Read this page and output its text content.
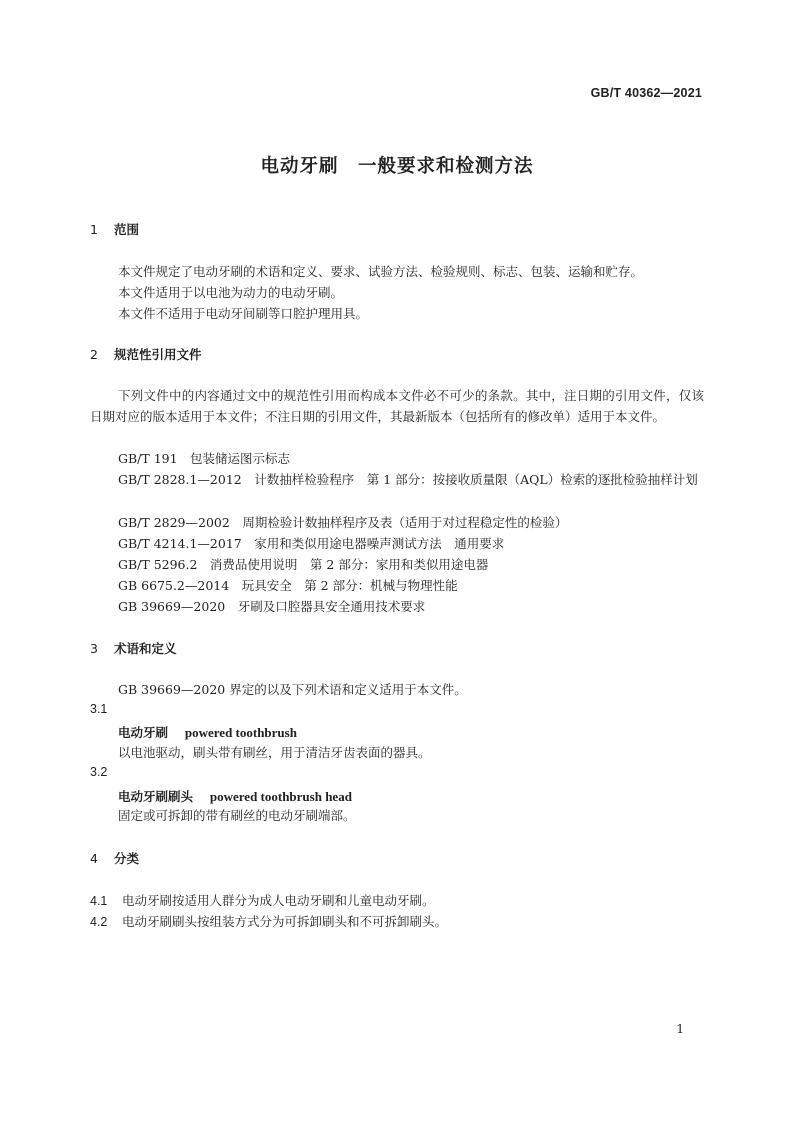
GB/T 40362—2021
电动牙刷　一般要求和检测方法
1 范围
本文件规定了电动牙刷的术语和定义、要求、试验方法、检验规则、标志、包装、运输和贮存。
本文件适用于以电池为动力的电动牙刷。
本文件不适用于电动牙间刷等口腔护理用具。
2 规范性引用文件
下列文件中的内容通过文中的规范性引用而构成本文件必不可少的条款。其中，注日期的引用文件，仅该日期对应的版本适用于本文件；不注日期的引用文件，其最新版本（包括所有的修改单）适用于本文件。
GB/T 191　包装储运图示标志
GB/T 2828.1—2012　计数抽样检验程序　第 1 部分：按接收质量限（AQL）检索的逐批检验抽样计划
GB/T 2829—2002　周期检验计数抽样程序及表（适用于对过程稳定性的检验）
GB/T 4214.1—2017　家用和类似用途电器噪声测试方法　通用要求
GB/T 5296.2　消费品使用说明　第 2 部分：家用和类似用途电器
GB 6675.2—2014　玩具安全　第 2 部分：机械与物理性能
GB 39669—2020　牙刷及口腔器具安全通用技术要求
3 术语和定义
GB 39669—2020 界定的以及下列术语和定义适用于本文件。
3.1
电动牙刷　 powered toothbrush
以电池驱动，刷头带有刷丝，用于清洁牙齿表面的器具。
3.2
电动牙刷刷头　 powered toothbrush head
固定或可拆卸的带有刷丝的电动牙刷端部。
4 分类
4.1 电动牙刷按适用人群分为成人电动牙刷和儿童电动牙刷。
4.2 电动牙刷刷头按组装方式分为可拆卸刷头和不可拆卸刷头。
1
